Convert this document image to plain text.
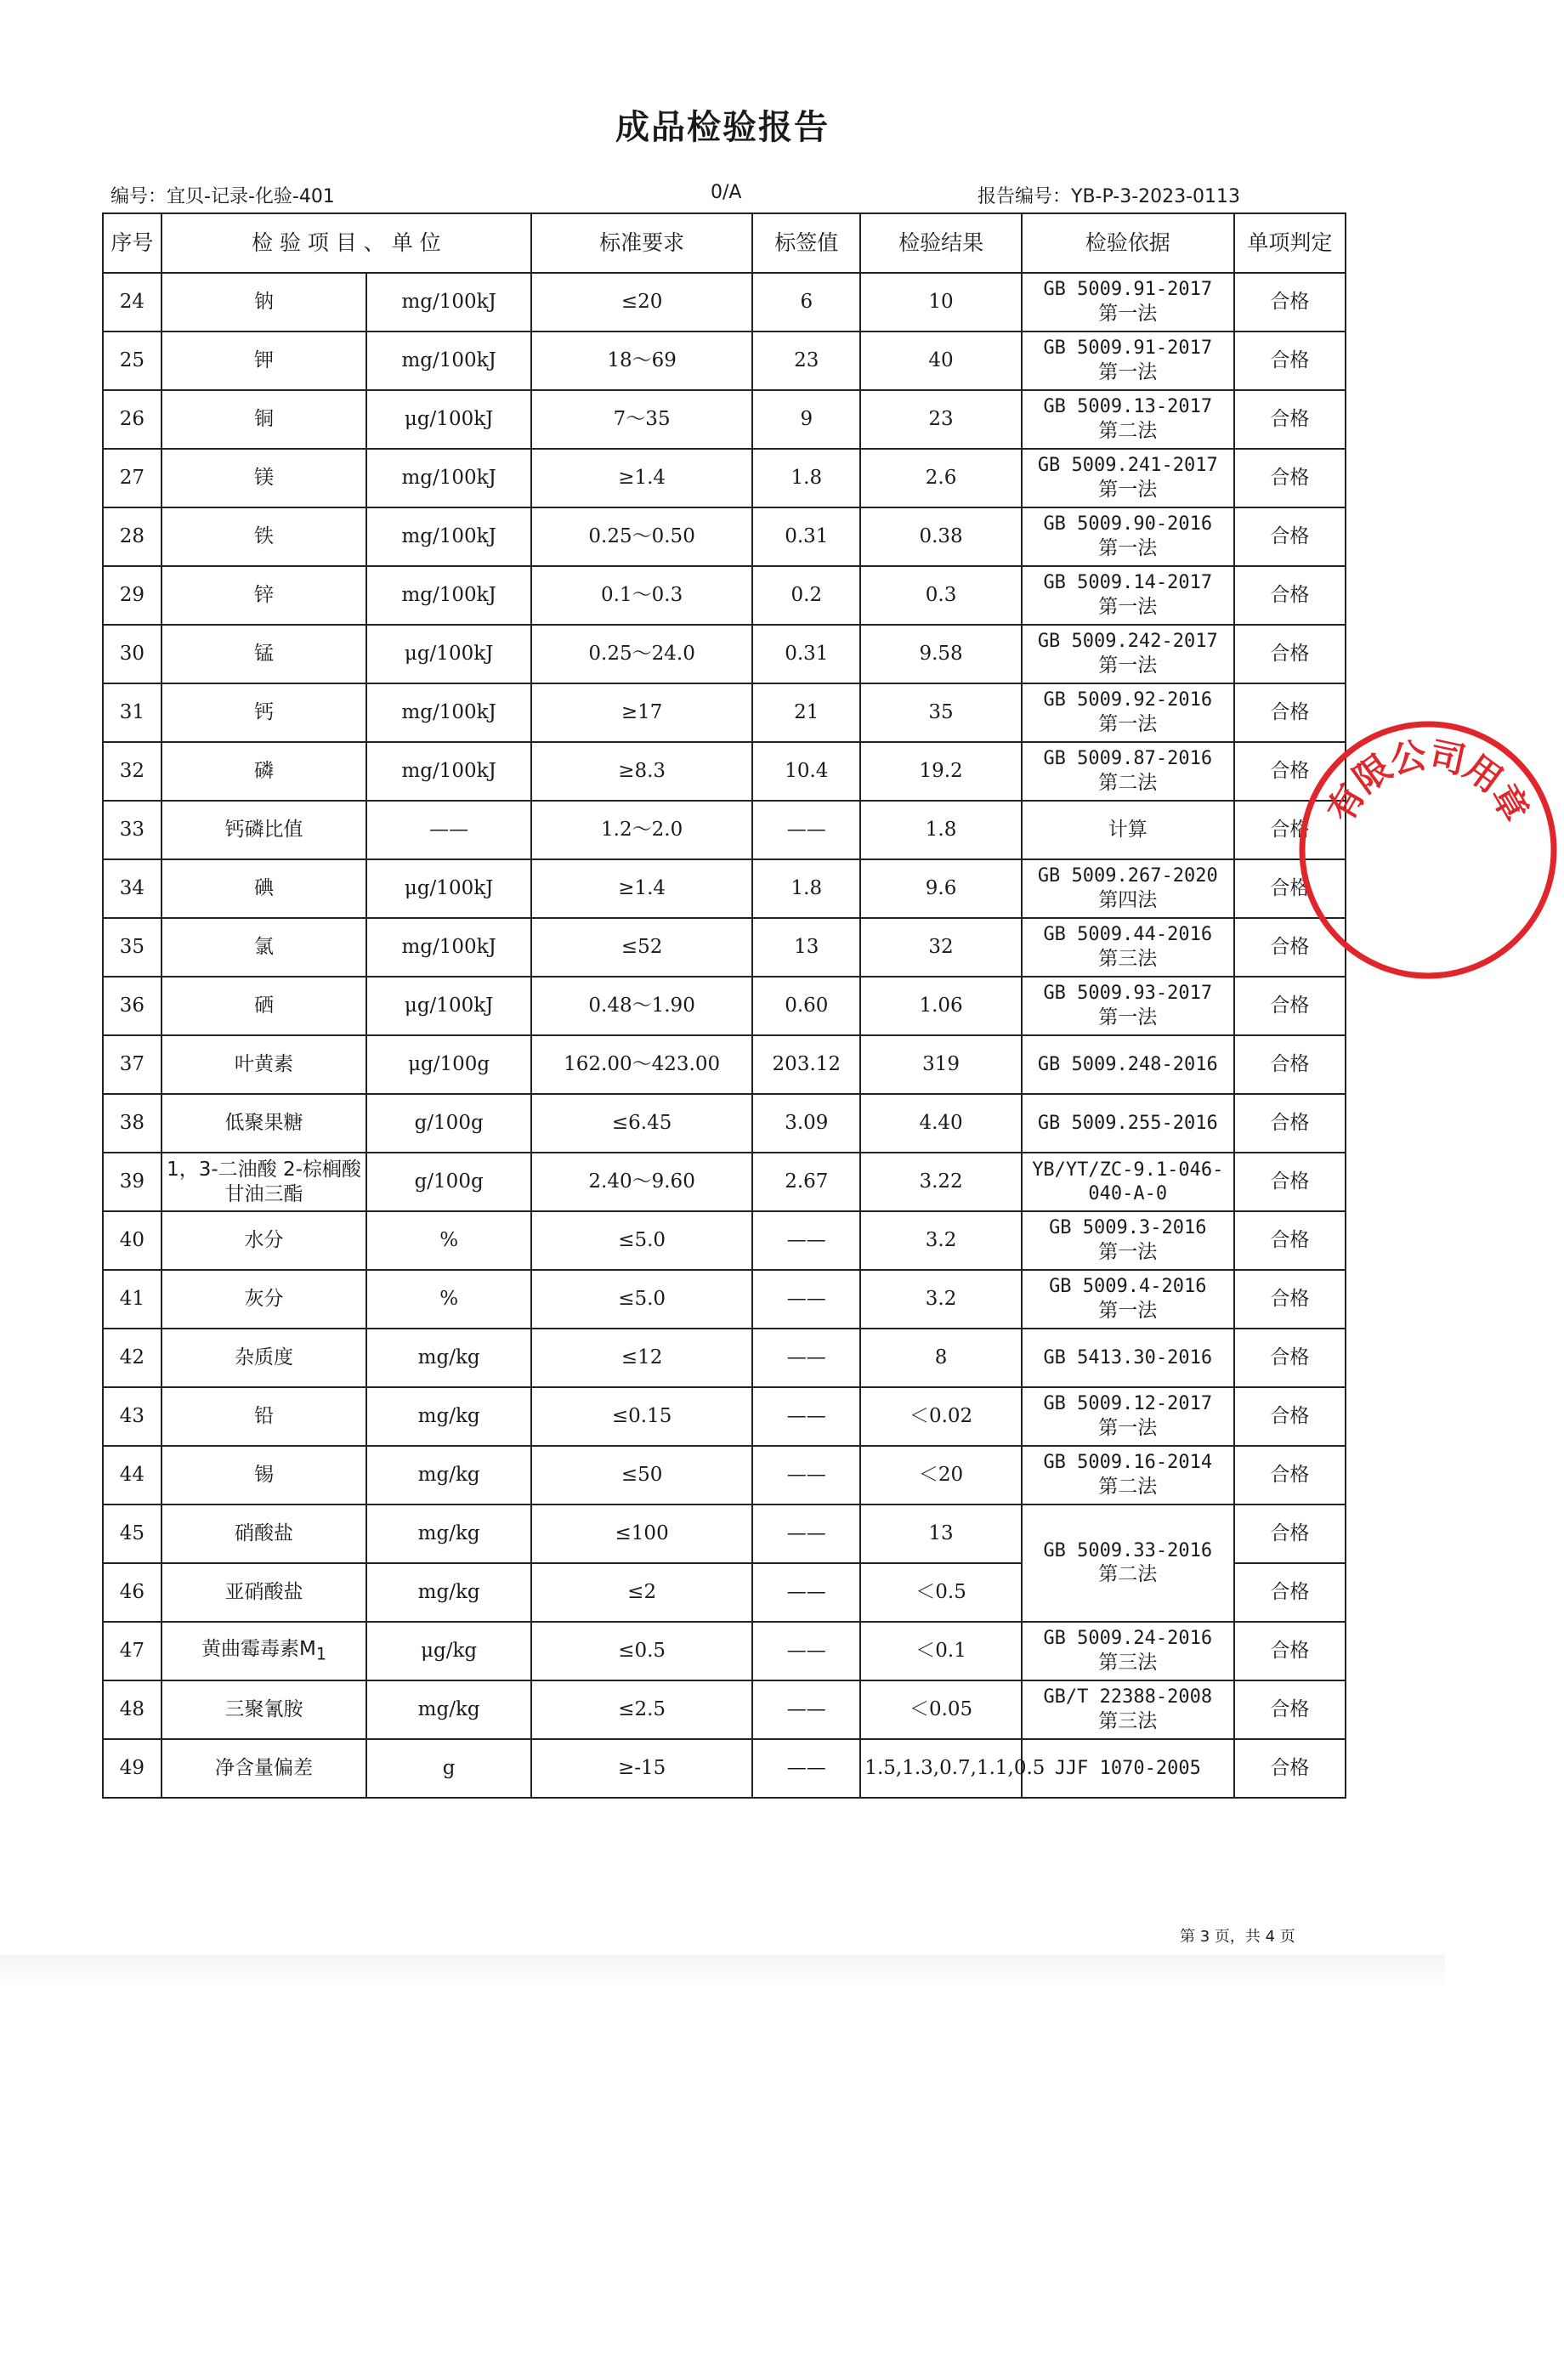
成品检验报告
编号：宜贝-记录-化验-401	0/A	报告编号：YB-P-3-2023-0113
序号	检 验 项 目 、 单 位		标准要求	标签值	检验结果	检验依据	单项判定
24	钠	mg/100kJ	≤20	6	10	GB 5009.91-2017
第一法	合格
25	钾	mg/100kJ	18～69	23	40	GB 5009.91-2017
第一法	合格
26	铜	μg/100kJ	7～35	9	23	GB 5009.13-2017
第二法	合格
27	镁	mg/100kJ	≥1.4	1.8	2.6	GB 5009.241-2017
第一法	合格
28	铁	mg/100kJ	0.25～0.50	0.31	0.38	GB 5009.90-2016
第一法	合格
29	锌	mg/100kJ	0.1～0.3	0.2	0.3	GB 5009.14-2017
第一法	合格
30	锰	μg/100kJ	0.25～24.0	0.31	9.58	GB 5009.242-2017
第一法	合格
31	钙	mg/100kJ	≥17	21	35	GB 5009.92-2016
第一法	合格
32	磷	mg/100kJ	≥8.3	10.4	19.2	GB 5009.87-2016
第二法	合格
33	钙磷比值	——	1.2～2.0	——	1.8	计算	合格
34	碘	μg/100kJ	≥1.4	1.8	9.6	GB 5009.267-2020
第四法	合格
35	氯	mg/100kJ	≤52	13	32	GB 5009.44-2016
第三法	合格
36	硒	μg/100kJ	0.48～1.90	0.60	1.06	GB 5009.93-2017
第一法	合格
37	叶黄素	μg/100g	162.00～423.00	203.12	319	GB 5009.248-2016	合格
38	低聚果糖	g/100g	≤6.45	3.09	4.40	GB 5009.255-2016	合格
39	1，3-二油酸 2-棕榈酸甘油三酯	g/100g	2.40～9.60	2.67	3.22	YB/YT/ZC-9.1-046-
040-A-0	合格
40	水分	%	≤5.0	——	3.2	GB 5009.3-2016
第一法	合格
41	灰分	%	≤5.0	——	3.2	GB 5009.4-2016
第一法	合格
42	杂质度	mg/kg	≤12	——	8	GB 5413.30-2016	合格
43	铅	mg/kg	≤0.15	——	＜0.02	GB 5009.12-2017
第一法	合格
44	锡	mg/kg	≤50	——	＜20	GB 5009.16-2014
第二法	合格
45	硝酸盐	mg/kg	≤100	——	13	GB 5009.33-2016
第二法	合格
46	亚硝酸盐	mg/kg	≤2	——	＜0.5		合格
47	黄曲霉毒素$M_1$	μg/kg	≤0.5	——	＜0.1	GB 5009.24-2016
第三法	合格
48	三聚氰胺	mg/kg	≤2.5	——	＜0.05	GB/T 22388-2008
第三法	合格
49	净含量偏差	g	≥-15	——	1.5,1.3,0.7,1.1,0.5	JJF 1070-2005	合格
有
限
公
司
用
章
第 3 页，共 4 页
